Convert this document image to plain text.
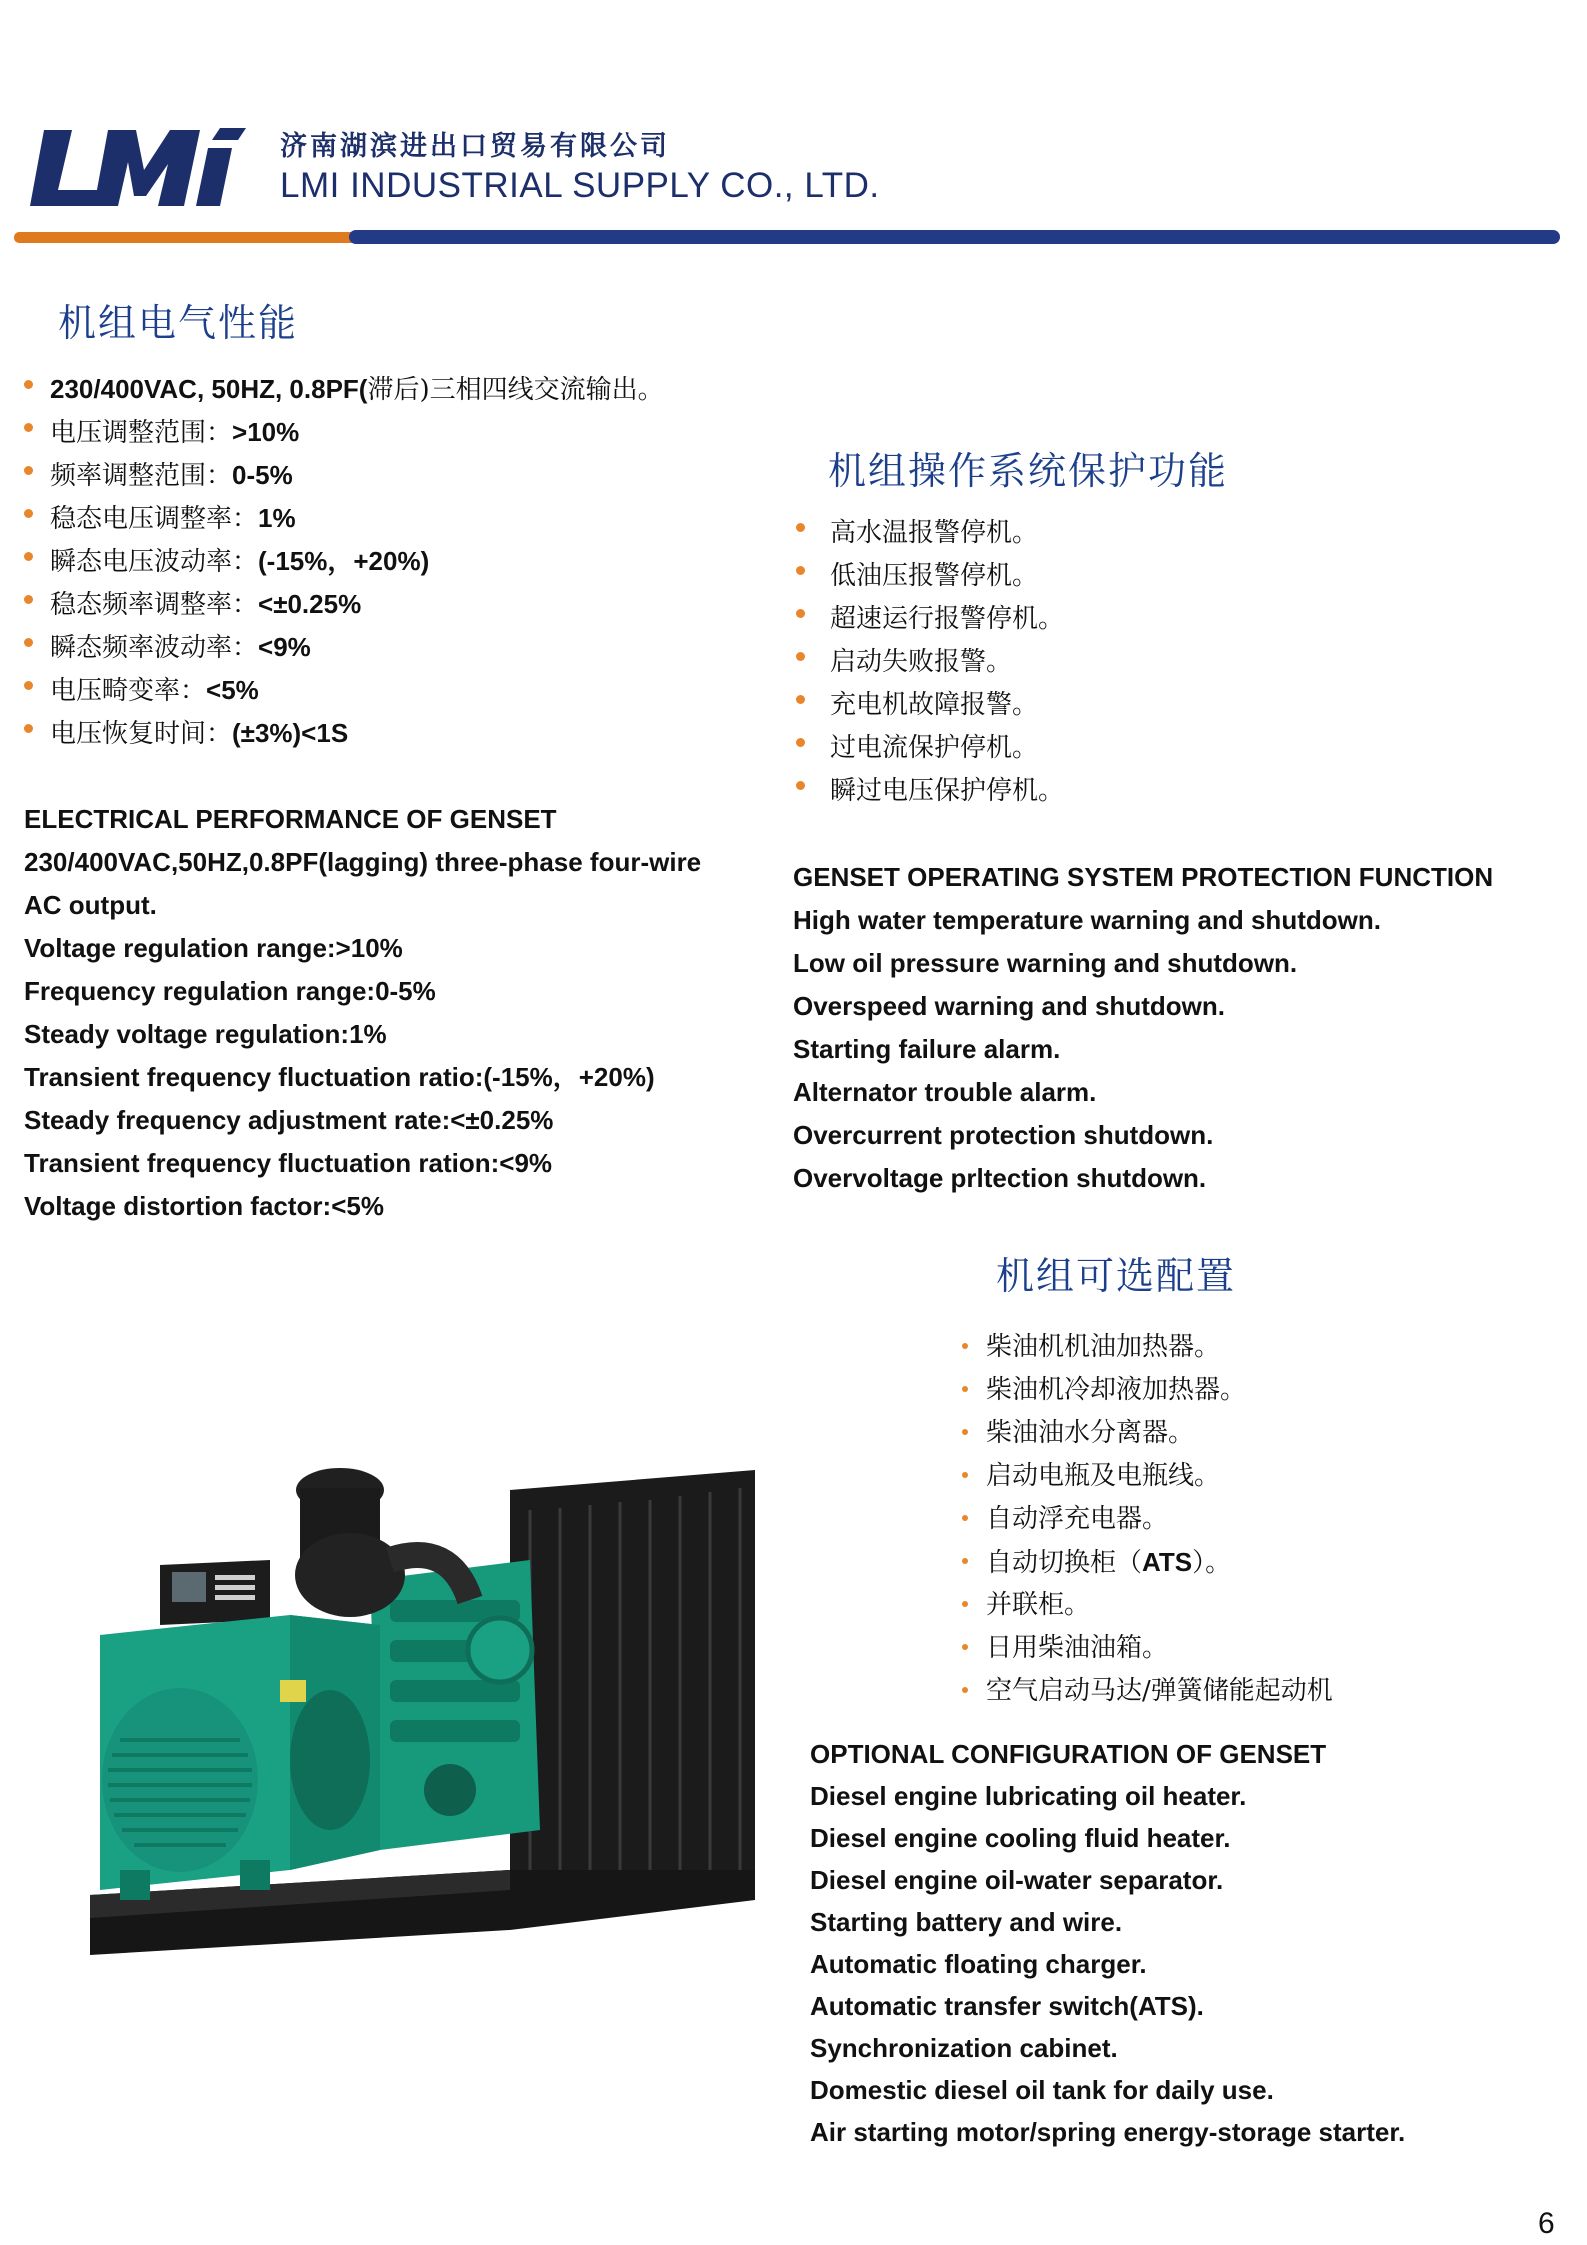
济南湖滨进出口贸易有限公司
LMI INDUSTRIAL SUPPLY CO., LTD.
机组电气性能
230/400VAC, 50HZ, 0.8PF(滞后)三相四线交流输出。
电压调整范围：>10%
频率调整范围：0-5%
稳态电压调整率：1%
瞬态电压波动率：(-15%，+20%)
稳态频率调整率：<±0.25%
瞬态频率波动率：<9%
电压畸变率：<5%
电压恢复时间：(±3%)<1S
ELECTRICAL PERFORMANCE OF GENSET
230/400VAC,50HZ,0.8PF(lagging) three-phase four-wire
AC output.
Voltage regulation range:>10%
Frequency regulation range:0-5%
Steady voltage regulation:1%
Transient frequency fluctuation ratio:(-15%，+20%)
Steady frequency adjustment rate:<±0.25%
Transient frequency fluctuation ration:<9%
Voltage distortion factor:<5%
机组操作系统保护功能
高水温报警停机。
低油压报警停机。
超速运行报警停机。
启动失败报警。
充电机故障报警。
过电流保护停机。
瞬过电压保护停机。
GENSET OPERATING SYSTEM PROTECTION FUNCTION
High water temperature warning and shutdown.
Low oil pressure warning and shutdown.
Overspeed warning and shutdown.
Starting failure alarm.
Alternator trouble alarm.
Overcurrent protection shutdown.
Overvoltage prltection shutdown.
机组可选配置
柴油机机油加热器。
柴油机冷却液加热器。
柴油油水分离器。
启动电瓶及电瓶线。
自动浮充电器。
自动切换柜（ATS）。
并联柜。
日用柴油油箱。
空气启动马达/弹簧储能起动机
OPTIONAL CONFIGURATION OF GENSET
Diesel engine lubricating oil heater.
Diesel engine cooling fluid heater.
Diesel engine oil-water separator.
Starting battery and wire.
Automatic floating charger.
Automatic transfer switch(ATS).
Synchronization cabinet.
Domestic diesel oil tank for daily use.
Air starting motor/spring energy-storage starter.
6
